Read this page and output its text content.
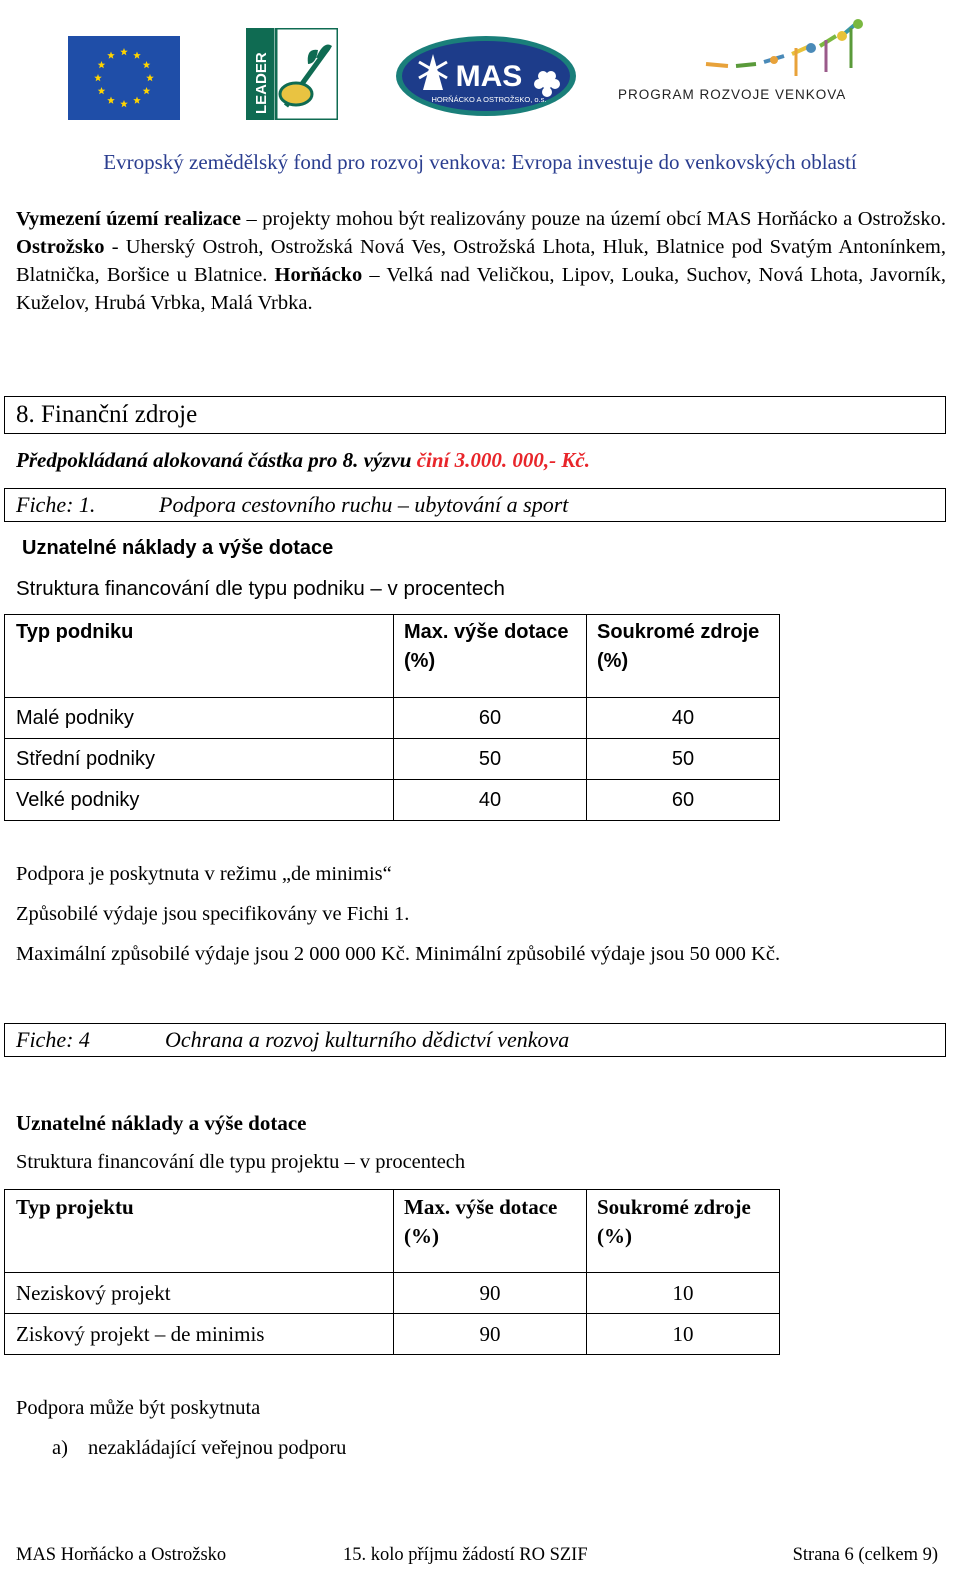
LEADER	MAS
HORŇÁCKO A OSTROŽSKO, o.s.	PROGRAM ROZVOJE VENKOVA
Evropský zemědělský fond pro rozvoj venkova: Evropa investuje do venkovských oblastí
Vymezení území realizace – projekty mohou být realizovány pouze na území obcí MAS Horňácko a Ostrožsko. Ostrožsko - Uherský Ostroh, Ostrožská Nová Ves, Ostrožská Lhota, Hluk, Blatnice pod Svatým Antonínkem, Blatnička, Boršice u Blatnice. Horňácko – Velká nad Veličkou, Lipov, Louka, Suchov, Nová Lhota, Javorník, Kuželov, Hrubá Vrbka, Malá Vrbka.
8. Finanční zdroje
Předpokládaná alokovaná částka pro 8. výzvu činí 3.000. 000,- Kč.
Fiche: 1.	Podpora cestovního ruchu – ubytování a sport
Uznatelné náklady a výše dotace
Struktura financování dle typu podniku – v procentech
Typ podniku	Max. výše dotace (%)	Soukromé zdroje (%)
Malé podniky	60	40
Střední podniky	50	50
Velké podniky	40	60
Podpora je poskytnuta v režimu „de minimis“
Způsobilé výdaje jsou specifikovány ve Fichi 1.
Maximální způsobilé výdaje jsou 2 000 000 Kč. Minimální způsobilé výdaje jsou 50 000 Kč.
Fiche: 4	Ochrana a rozvoj kulturního dědictví venkova
Uznatelné náklady a výše dotace
Struktura financování dle typu projektu – v procentech
Typ projektu	Max. výše dotace (%)	Soukromé zdroje (%)
Neziskový projekt	90	10
Ziskový projekt – de minimis	90	10
Podpora může být poskytnuta
a) nezakládající veřejnou podporu
MAS Horňácko a Ostrožsko	15. kolo příjmu žádostí RO SZIF	Strana 6 (celkem 9)
